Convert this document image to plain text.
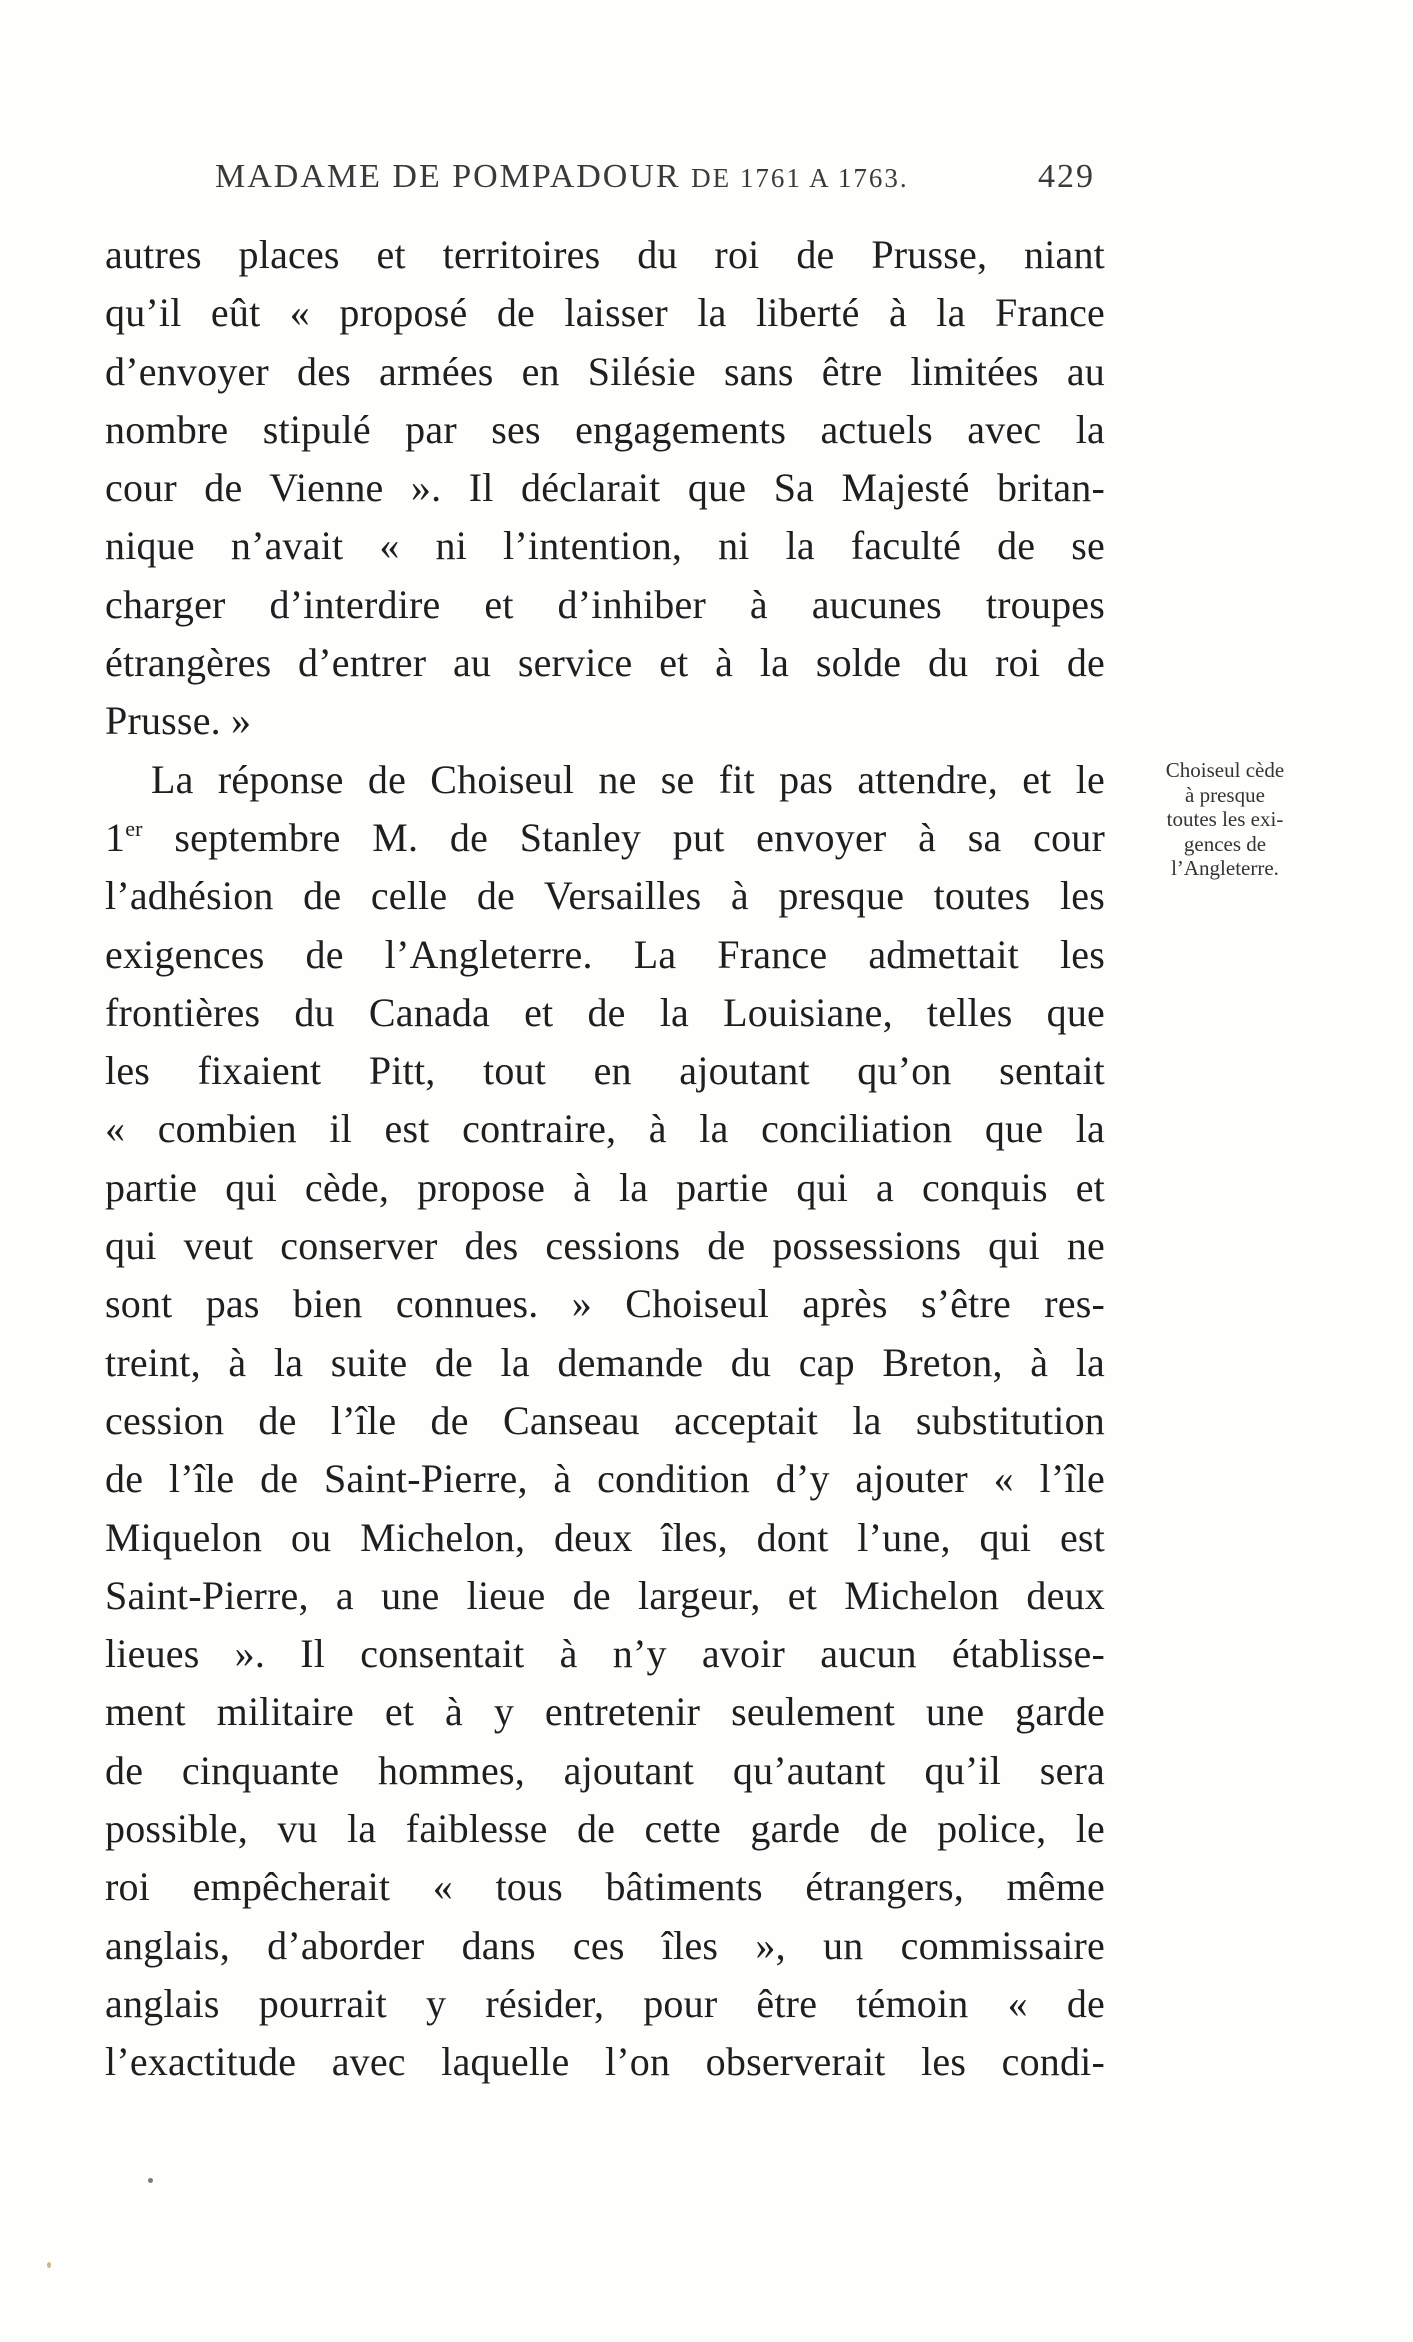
MADAME DE POMPADOUR DE 1761 A 1763.	429
autres places et territoires du roi de Prusse, niant
qu’il eût « proposé de laisser la liberté à la France
d’envoyer des armées en Silésie sans être limitées au
nombre stipulé par ses engagements actuels avec la
cour de Vienne ». Il déclarait que Sa Majesté britan-
nique n’avait « ni l’intention, ni la faculté de se
charger d’interdire et d’inhiber à aucunes troupes
étrangères d’entrer au service et à la solde du roi de
Prusse. »
La réponse de Choiseul ne se fit pas attendre, et le
1er septembre M. de Stanley put envoyer à sa cour
l’adhésion de celle de Versailles à presque toutes les
exigences de l’Angleterre. La France admettait les
frontières du Canada et de la Louisiane, telles que
les fixaient Pitt, tout en ajoutant qu’on sentait
« combien il est contraire, à la conciliation que la
partie qui cède, propose à la partie qui a conquis et
qui veut conserver des cessions de possessions qui ne
sont pas bien connues. » Choiseul après s’être res-
treint, à la suite de la demande du cap Breton, à la
cession de l’île de Canseau acceptait la substitution
de l’île de Saint-Pierre, à condition d’y ajouter « l’île
Miquelon ou Michelon, deux îles, dont l’une, qui est
Saint-Pierre, a une lieue de largeur, et Michelon deux
lieues ». Il consentait à n’y avoir aucun établisse-
ment militaire et à y entretenir seulement une garde
de cinquante hommes, ajoutant qu’autant qu’il sera
possible, vu la faiblesse de cette garde de police, le
roi empêcherait « tous bâtiments étrangers, même
anglais, d’aborder dans ces îles », un commissaire
anglais pourrait y résider, pour être témoin « de
l’exactitude avec laquelle l’on observerait les condi-
Choiseul cède
à presque
toutes les exi-
gences de
l’Angleterre.
